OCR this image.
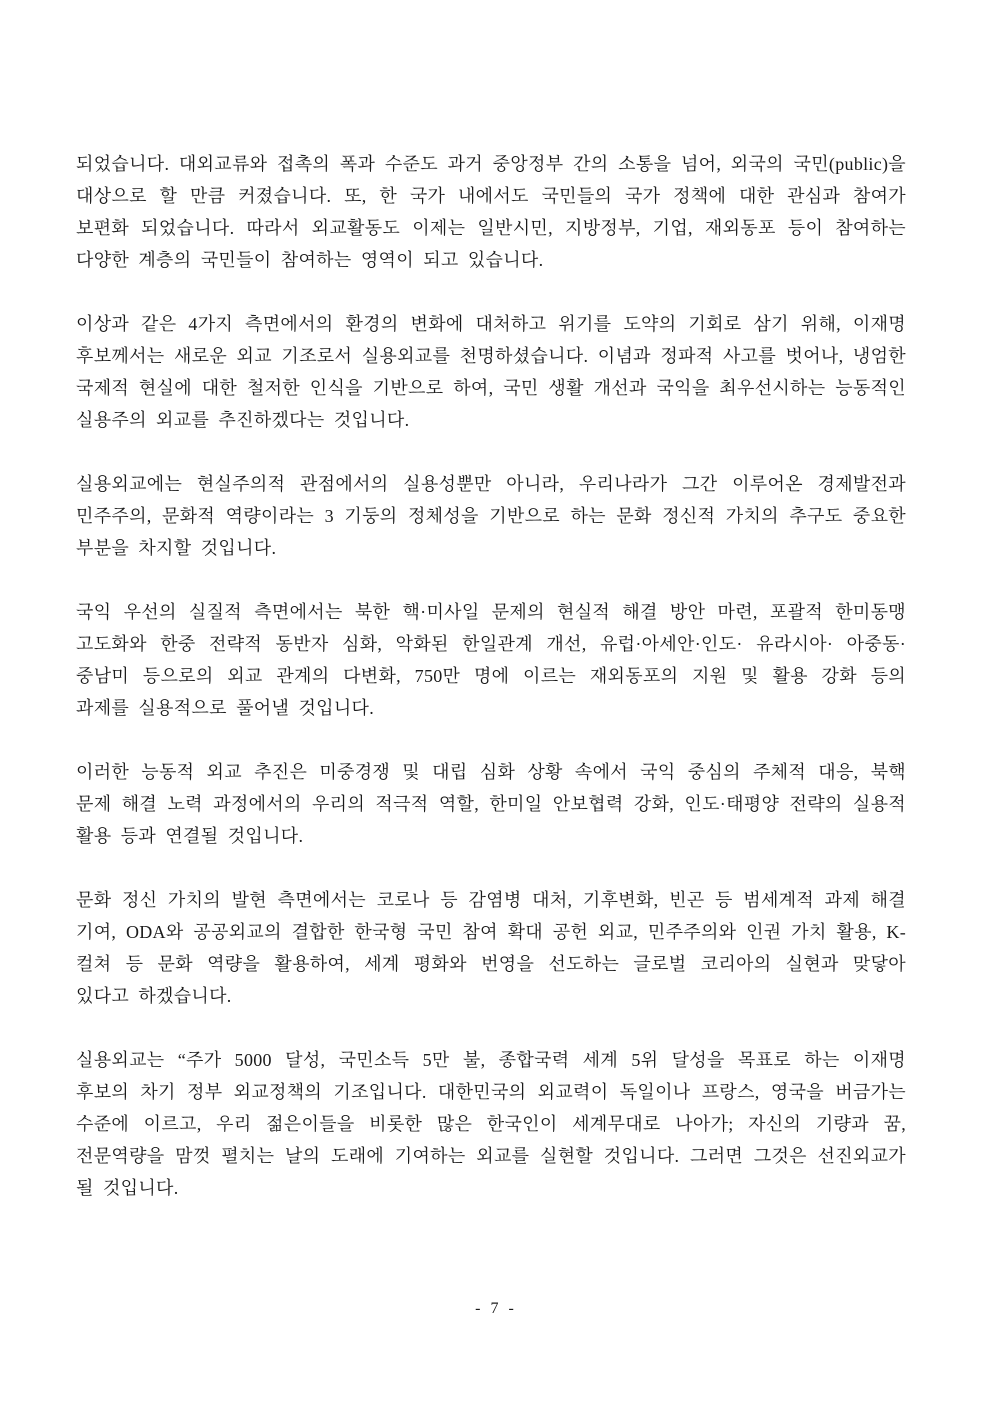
되었습니다. 대외교류와 접촉의 폭과 수준도 과거 중앙정부 간의 소통을 넘어, 외국의 국민(public)을 대상으로 할 만큼 커졌습니다. 또, 한 국가 내에서도 국민들의 국가 정책에 대한 관심과 참여가 보편화 되었습니다. 따라서 외교활동도 이제는 일반시민, 지방정부, 기업, 재외동포 등이 참여하는 다양한 계층의 국민들이 참여하는 영역이 되고 있습니다.

이상과 같은 4가지 측면에서의 환경의 변화에 대처하고 위기를 도약의 기회로 삼기 위해, 이재명 후보께서는 새로운 외교 기조로서 실용외교를 천명하셨습니다. 이념과 정파적 사고를 벗어나, 냉엄한 국제적 현실에 대한 철저한 인식을 기반으로 하여, 국민 생활 개선과 국익을 최우선시하는 능동적인 실용주의 외교를 추진하겠다는 것입니다.

실용외교에는 현실주의적 관점에서의 실용성뿐만 아니라, 우리나라가 그간 이루어온 경제발전과 민주주의, 문화적 역량이라는 3 기둥의 정체성을 기반으로 하는 문화 정신적 가치의 추구도 중요한 부분을 차지할 것입니다.

국익 우선의 실질적 측면에서는 북한 핵·미사일 문제의 현실적 해결 방안 마련, 포괄적 한미동맹 고도화와 한중 전략적 동반자 심화, 악화된 한일관계 개선, 유럽·아세안·인도· 유라시아· 아중동· 중남미 등으로의 외교 관계의 다변화, 750만 명에 이르는 재외동포의 지원 및 활용 강화 등의 과제를 실용적으로 풀어낼 것입니다.

이러한 능동적 외교 추진은 미중경쟁 및 대립 심화 상황 속에서 국익 중심의 주체적 대응, 북핵 문제 해결 노력 과정에서의 우리의 적극적 역할, 한미일 안보협력 강화, 인도·태평양 전략의 실용적 활용 등과 연결될 것입니다.

문화 정신 가치의 발현 측면에서는 코로나 등 감염병 대처, 기후변화, 빈곤 등 범세계적 과제 해결 기여, ODA와 공공외교의 결합한 한국형 국민 참여 확대 공헌 외교, 민주주의와 인권 가치 활용, K-컬쳐 등 문화 역량을 활용하여, 세계 평화와 번영을 선도하는 글로벌 코리아의 실현과 맞닿아 있다고 하겠습니다.

실용외교는 “주가 5000 달성, 국민소득 5만 불, 종합국력 세계 5위 달성을 목표로 하는 이재명 후보의 차기 정부 외교정책의 기조입니다. 대한민국의 외교력이 독일이나 프랑스, 영국을 버금가는 수준에 이르고, 우리 젊은이들을 비롯한 많은 한국인이 세계무대로 나아가; 자신의 기량과 꿈, 전문역량을 맘껏 펼치는 날의 도래에 기여하는 외교를 실현할 것입니다. 그러면 그것은 선진외교가 될 것입니다.

- 7 -
